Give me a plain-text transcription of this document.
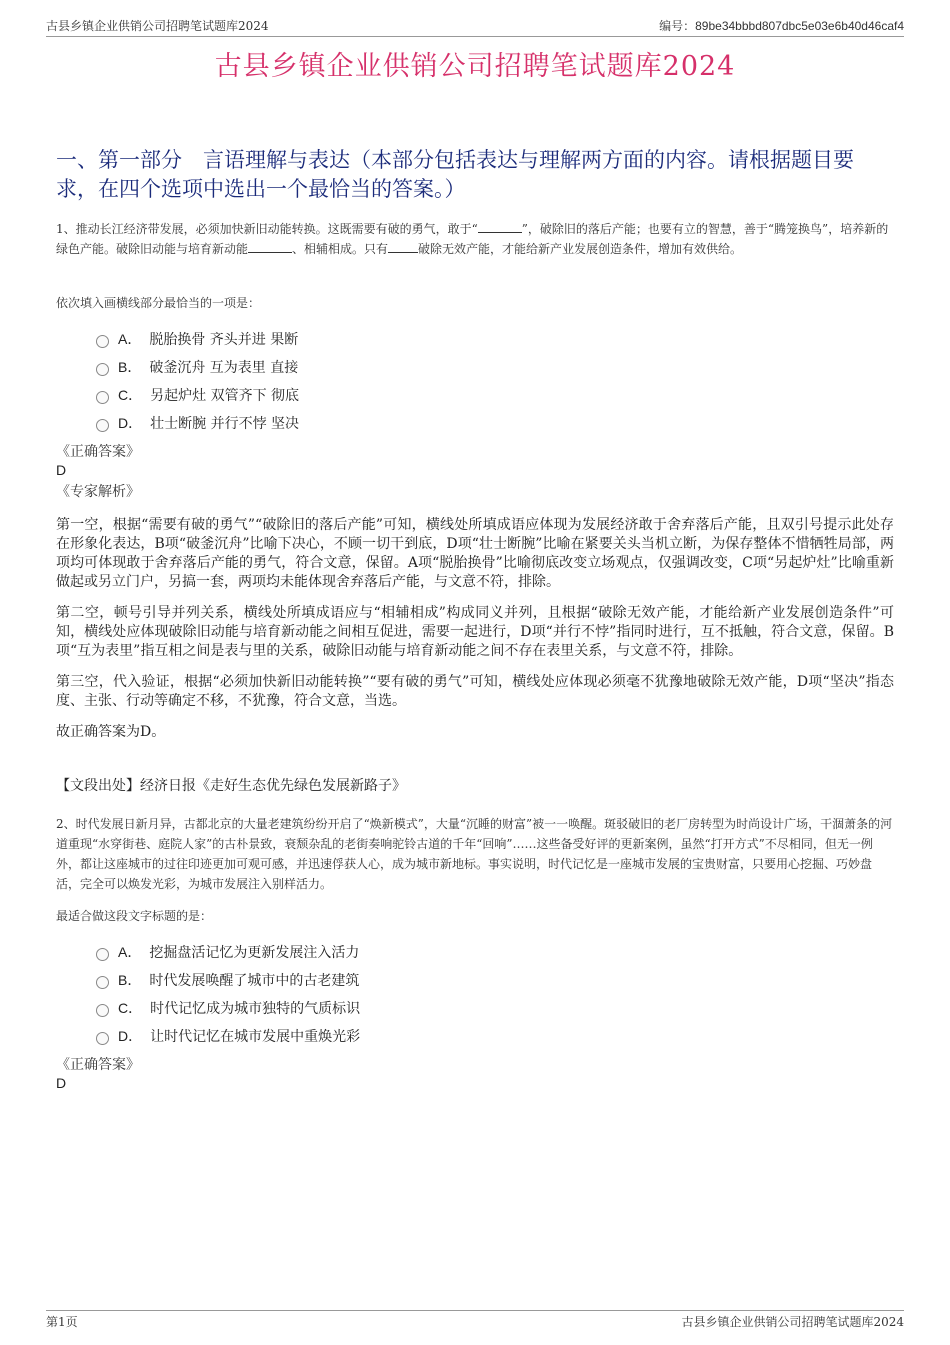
古县乡镇企业供销公司招聘笔试题库2024	编号：89be34bbbd807dbc5e03e6b40d46caf4
古县乡镇企业供销公司招聘笔试题库2024
一、第一部分　言语理解与表达（本部分包括表达与理解两方面的内容。请根据题目要求，在四个选项中选出一个最恰当的答案。）
1、推动长江经济带发展，必须加快新旧动能转换。这既需要有破的勇气，敢于“	”，破除旧的落后产能；也要有立的智慧，善于“腾笼换鸟”，培养新的绿色产能。破除旧动能与培育新动能	、相辅相成。只有	破除无效产能，才能给新产业发展创造条件，增加有效供给。
依次填入画横线部分最恰当的一项是：
A． 脱胎换骨 齐头并进 果断
B． 破釜沉舟 互为表里 直接
C． 另起炉灶 双管齐下 彻底
D． 壮士断腕 并行不悖 坚决
《正确答案》
D
《专家解析》

第一空，根据“需要有破的勇气”“破除旧的落后产能”可知，横线处所填成语应体现为发展经济敢于舍弃落后产能，且双引号提示此处存在形象化表达，B项“破釜沉舟”比喻下决心，不顾一切干到底，D项“壮士断腕”比喻在紧要关头当机立断，为保存整体不惜牺牲局部，两项均可体现敢于舍弃落后产能的勇气，符合文意，保留。A项“脱胎换骨”比喻彻底改变立场观点，仅强调改变，C项“另起炉灶”比喻重新做起或另立门户，另搞一套，两项均未能体现舍弃落后产能，与文意不符，排除。

第二空，顿号引导并列关系，横线处所填成语应与“相辅相成”构成同义并列，且根据“破除无效产能，才能给新产业发展创造条件”可知，横线处应体现破除旧动能与培育新动能之间相互促进，需要一起进行，D项“并行不悖”指同时进行，互不抵触，符合文意，保留。B项“互为表里”指互相之间是表与里的关系，破除旧动能与培育新动能之间不存在表里关系，与文意不符，排除。

第三空，代入验证，根据“必须加快新旧动能转换”“要有破的勇气”可知，横线处应体现必须毫不犹豫地破除无效产能，D项“坚决”指态度、主张、行动等确定不移，不犹豫，符合文意，当选。

故正确答案为D。

【文段出处】经济日报《走好生态优先绿色发展新路子》
2、时代发展日新月异，古都北京的大量老建筑纷纷开启了“焕新模式”，大量“沉睡的财富”被一一唤醒。斑驳破旧的老厂房转型为时尚设计广场，干涸萧条的河道重现“水穿街巷、庭院人家”的古朴景致，衰颓杂乱的老街奏响驼铃古道的千年“回响”……这些备受好评的更新案例，虽然“打开方式”不尽相同，但无一例外，都让这座城市的过往印迹更加可观可感，并迅速俘获人心，成为城市新地标。事实说明，时代记忆是一座城市发展的宝贵财富，只要用心挖掘、巧妙盘活，完全可以焕发光彩，为城市发展注入别样活力。
最适合做这段文字标题的是：
A． 挖掘盘活记忆为更新发展注入活力
B． 时代发展唤醒了城市中的古老建筑
C． 时代记忆成为城市独特的气质标识
D． 让时代记忆在城市发展中重焕光彩
《正确答案》
D
第1页	古县乡镇企业供销公司招聘笔试题库2024
